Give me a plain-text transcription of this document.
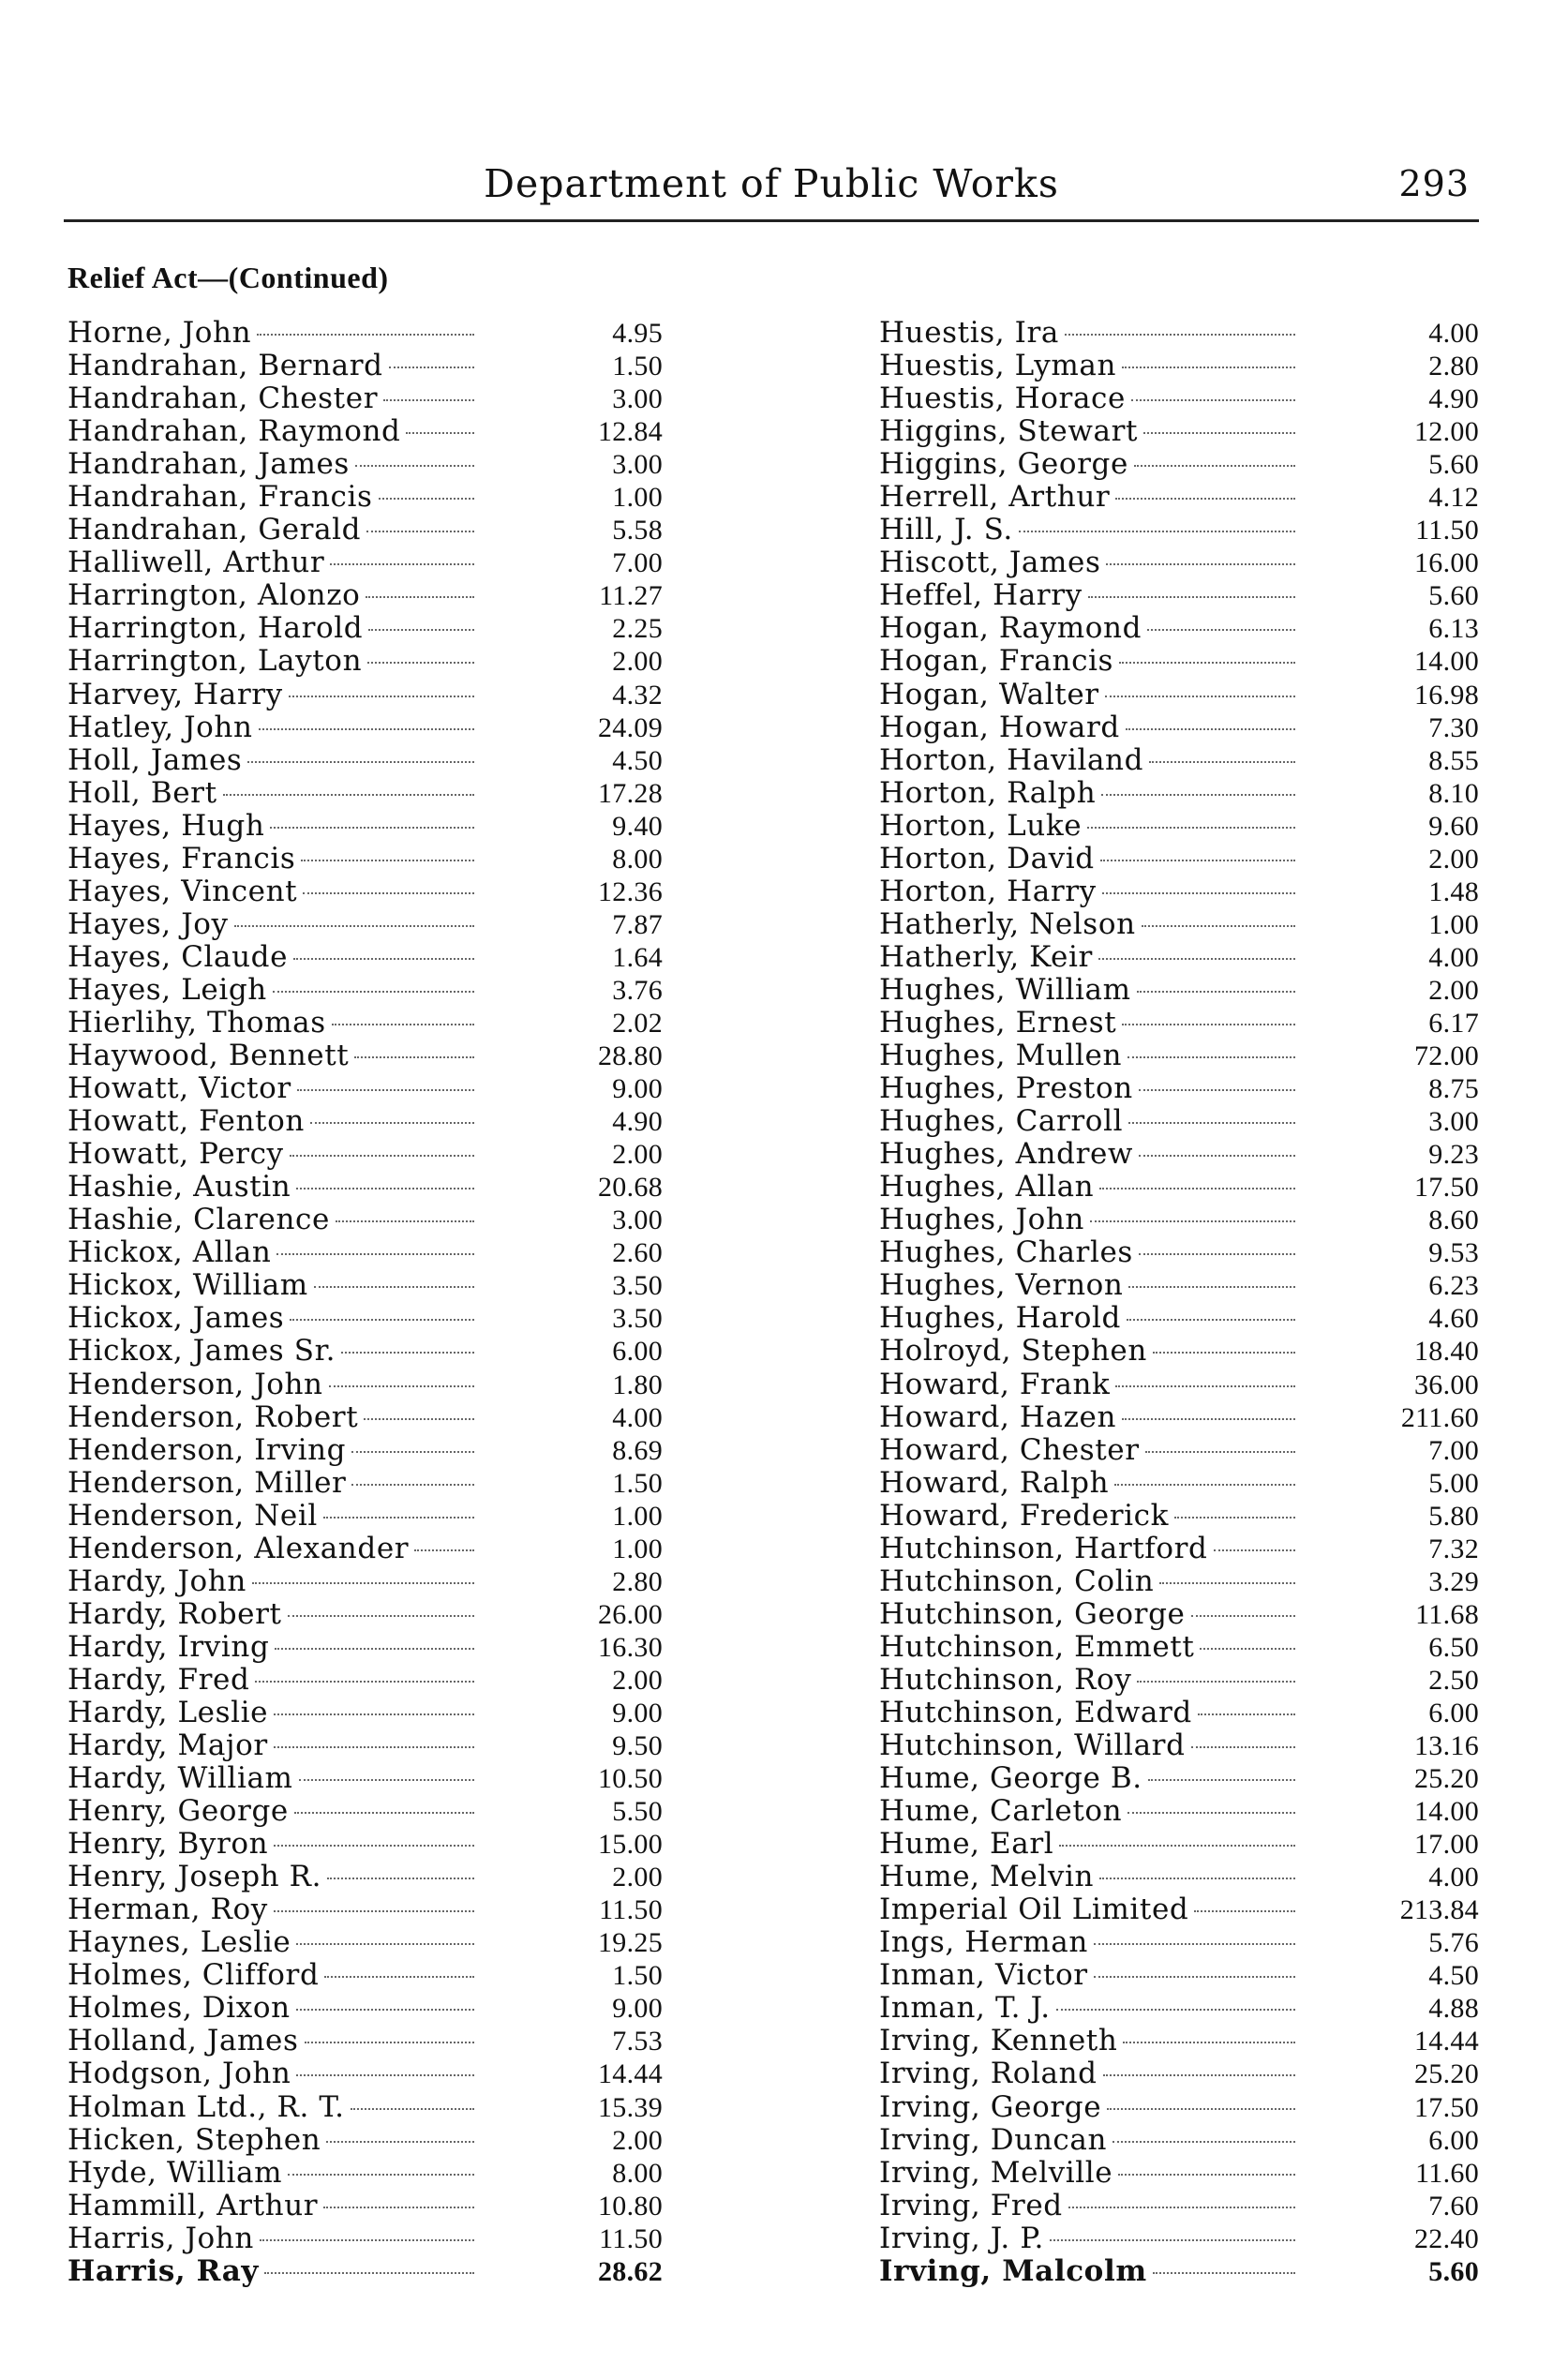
Department of Public Works	293
Relief Act—(Continued)
Horne, John	4.95
Handrahan, Bernard	1.50
Handrahan, Chester	3.00
Handrahan, Raymond	12.84
Handrahan, James	3.00
Handrahan, Francis	1.00
Handrahan, Gerald	5.58
Halliwell, Arthur	7.00
Harrington, Alonzo	11.27
Harrington, Harold	2.25
Harrington, Layton	2.00
Harvey, Harry	4.32
Hatley, John	24.09
Holl, James	4.50
Holl, Bert	17.28
Hayes, Hugh	9.40
Hayes, Francis	8.00
Hayes, Vincent	12.36
Hayes, Joy	7.87
Hayes, Claude	1.64
Hayes, Leigh	3.76
Hierlihy, Thomas	2.02
Haywood, Bennett	28.80
Howatt, Victor	9.00
Howatt, Fenton	4.90
Howatt, Percy	2.00
Hashie, Austin	20.68
Hashie, Clarence	3.00
Hickox, Allan	2.60
Hickox, William	3.50
Hickox, James	3.50
Hickox, James Sr.	6.00
Henderson, John	1.80
Henderson, Robert	4.00
Henderson, Irving	8.69
Henderson, Miller	1.50
Henderson, Neil	1.00
Henderson, Alexander	1.00
Hardy, John	2.80
Hardy, Robert	26.00
Hardy, Irving	16.30
Hardy, Fred	2.00
Hardy, Leslie	9.00
Hardy, Major	9.50
Hardy, William	10.50
Henry, George	5.50
Henry, Byron	15.00
Henry, Joseph R.	2.00
Herman, Roy	11.50
Haynes, Leslie	19.25
Holmes, Clifford	1.50
Holmes, Dixon	9.00
Holland, James	7.53
Hodgson, John	14.44
Holman Ltd., R. T.	15.39
Hicken, Stephen	2.00
Hyde, William	8.00
Hammill, Arthur	10.80
Harris, John	11.50
Harris, Ray	28.62
Huestis, Ira	4.00
Huestis, Lyman	2.80
Huestis, Horace	4.90
Higgins, Stewart	12.00
Higgins, George	5.60
Herrell, Arthur	4.12
Hill, J. S.	11.50
Hiscott, James	16.00
Heffel, Harry	5.60
Hogan, Raymond	6.13
Hogan, Francis	14.00
Hogan, Walter	16.98
Hogan, Howard	7.30
Horton, Haviland	8.55
Horton, Ralph	8.10
Horton, Luke	9.60
Horton, David	2.00
Horton, Harry	1.48
Hatherly, Nelson	1.00
Hatherly, Keir	4.00
Hughes, William	2.00
Hughes, Ernest	6.17
Hughes, Mullen	72.00
Hughes, Preston	8.75
Hughes, Carroll	3.00
Hughes, Andrew	9.23
Hughes, Allan	17.50
Hughes, John	8.60
Hughes, Charles	9.53
Hughes, Vernon	6.23
Hughes, Harold	4.60
Holroyd, Stephen	18.40
Howard, Frank	36.00
Howard, Hazen	211.60
Howard, Chester	7.00
Howard, Ralph	5.00
Howard, Frederick	5.80
Hutchinson, Hartford	7.32
Hutchinson, Colin	3.29
Hutchinson, George	11.68
Hutchinson, Emmett	6.50
Hutchinson, Roy	2.50
Hutchinson, Edward	6.00
Hutchinson, Willard	13.16
Hume, George B.	25.20
Hume, Carleton	14.00
Hume, Earl	17.00
Hume, Melvin	4.00
Imperial Oil Limited	213.84
Ings, Herman	5.76
Inman, Victor	4.50
Inman, T. J.	4.88
Irving, Kenneth	14.44
Irving, Roland	25.20
Irving, George	17.50
Irving, Duncan	6.00
Irving, Melville	11.60
Irving, Fred	7.60
Irving, J. P.	22.40
Irving, Malcolm	5.60
